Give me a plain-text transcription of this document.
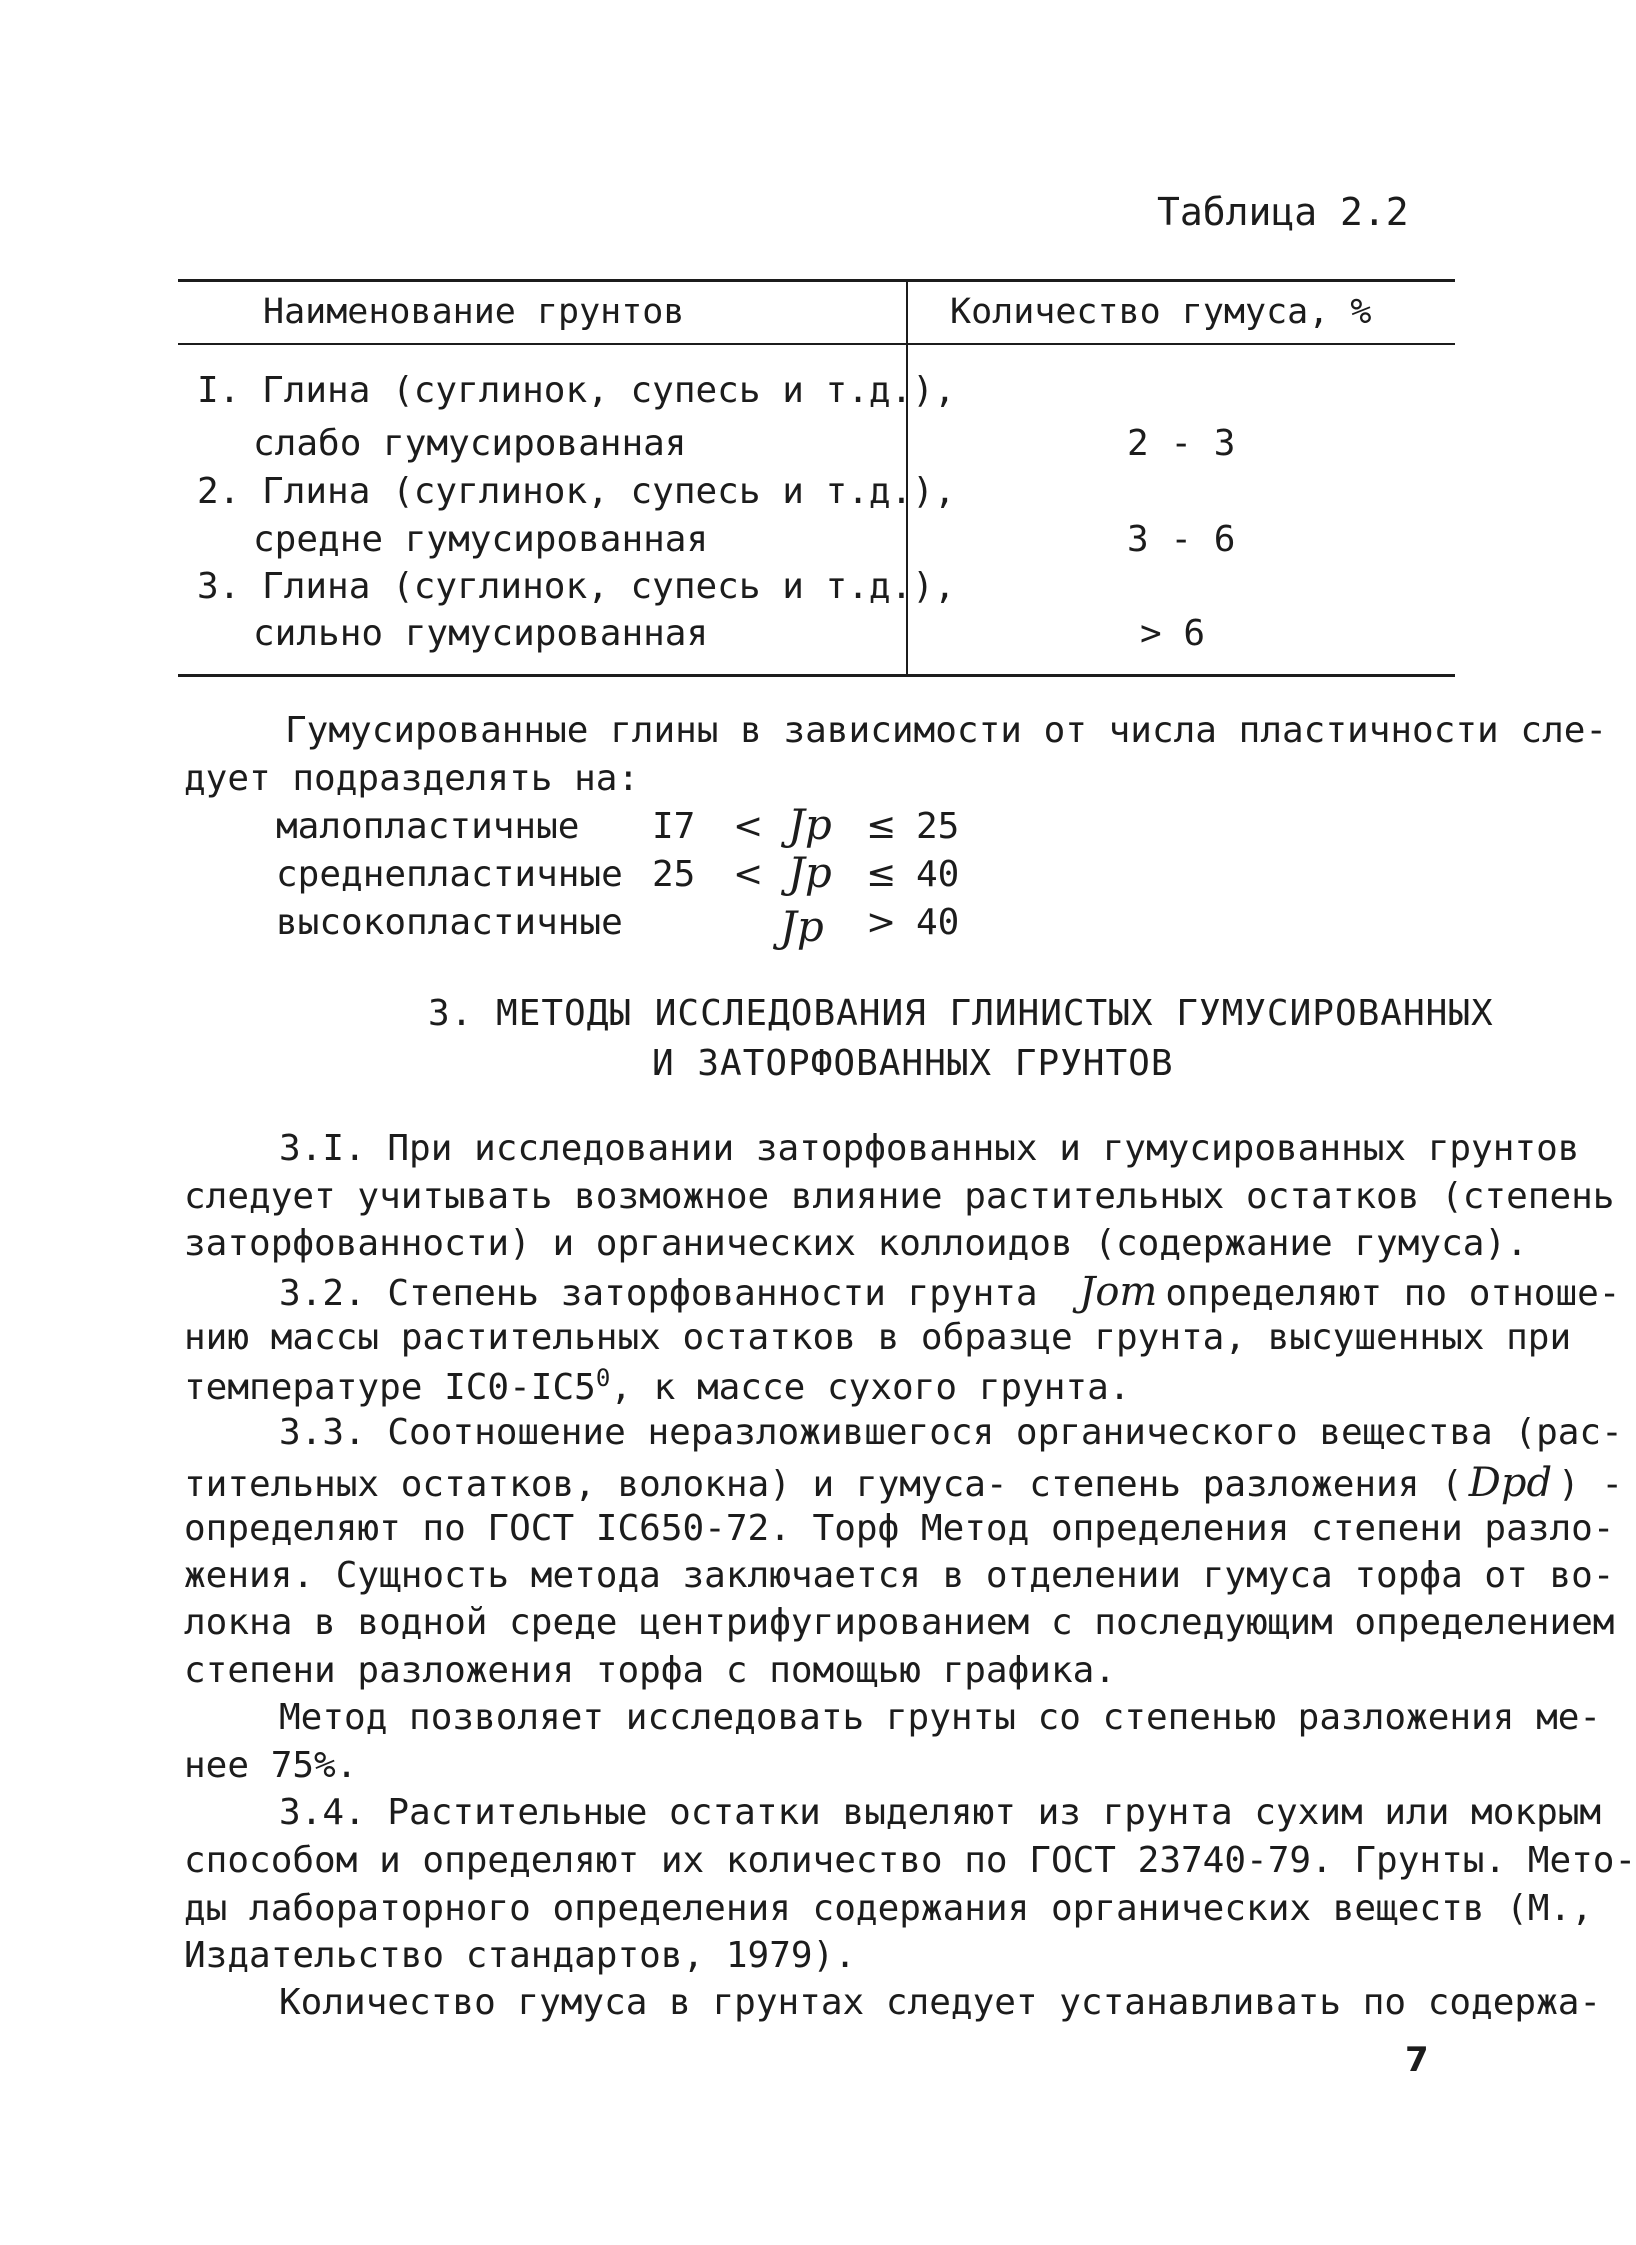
Таблица 2.2
Наименование грунтов	Количество гумуса, %
I. Глина (суглинок, супесь и т.д.),
слабо гумусированная	2 - 3
2. Глина (суглинок, супесь и т.д.),
средне гумусированная	3 - 6
3. Глина (суглинок, супесь и т.д.),
сильно гумусированная	> 6
Гумусированные глины в зависимости от числа пластичности сле-
дует подразделять на:
малопластичные I7 < Jp ≤ 25
среднепластичные 25 < Jp ≤ 40
высокопластичные	Jp > 40
3. МЕТОДЫ ИССЛЕДОВАНИЯ ГЛИНИСТЫХ ГУМУСИРОВАННЫХ
И ЗАТОРФОВАННЫХ ГРУНТОВ
3.I. При исследовании заторфованных и гумусированных грунтов
следует учитывать возможное влияние растительных остатков (степень
заторфованности) и органических коллоидов (содержание гумуса).
3.2. Степень заторфованности грунта Jот определяют по отноше-
нию массы растительных остатков в образце грунта, высушенных при
температуре $IC0-IC5^0$, к массе сухого грунта.
3.3. Соотношение неразложившегося органического вещества (рас-
тительных остатков, волокна) и гумуса- степень разложения ( Dрd ) -
определяют по ГОСТ IC650-72. Торф Метод определения степени разло-
жения. Сущность метода заключается в отделении гумуса торфа от во-
локна в водной среде центрифугированием с последующим определением
степени разложения торфа с помощью графика.
Метод позволяет исследовать грунты со степенью разложения ме-
нее 75%.
3.4. Растительные остатки выделяют из грунта сухим или мокрым
способом и определяют их количество по ГОСТ 23740-79. Грунты. Мето-
ды лабораторного определения содержания органических веществ (М.,
Издательство стандартов, 1979).
Количество гумуса в грунтах следует устанавливать по содержа-
7
